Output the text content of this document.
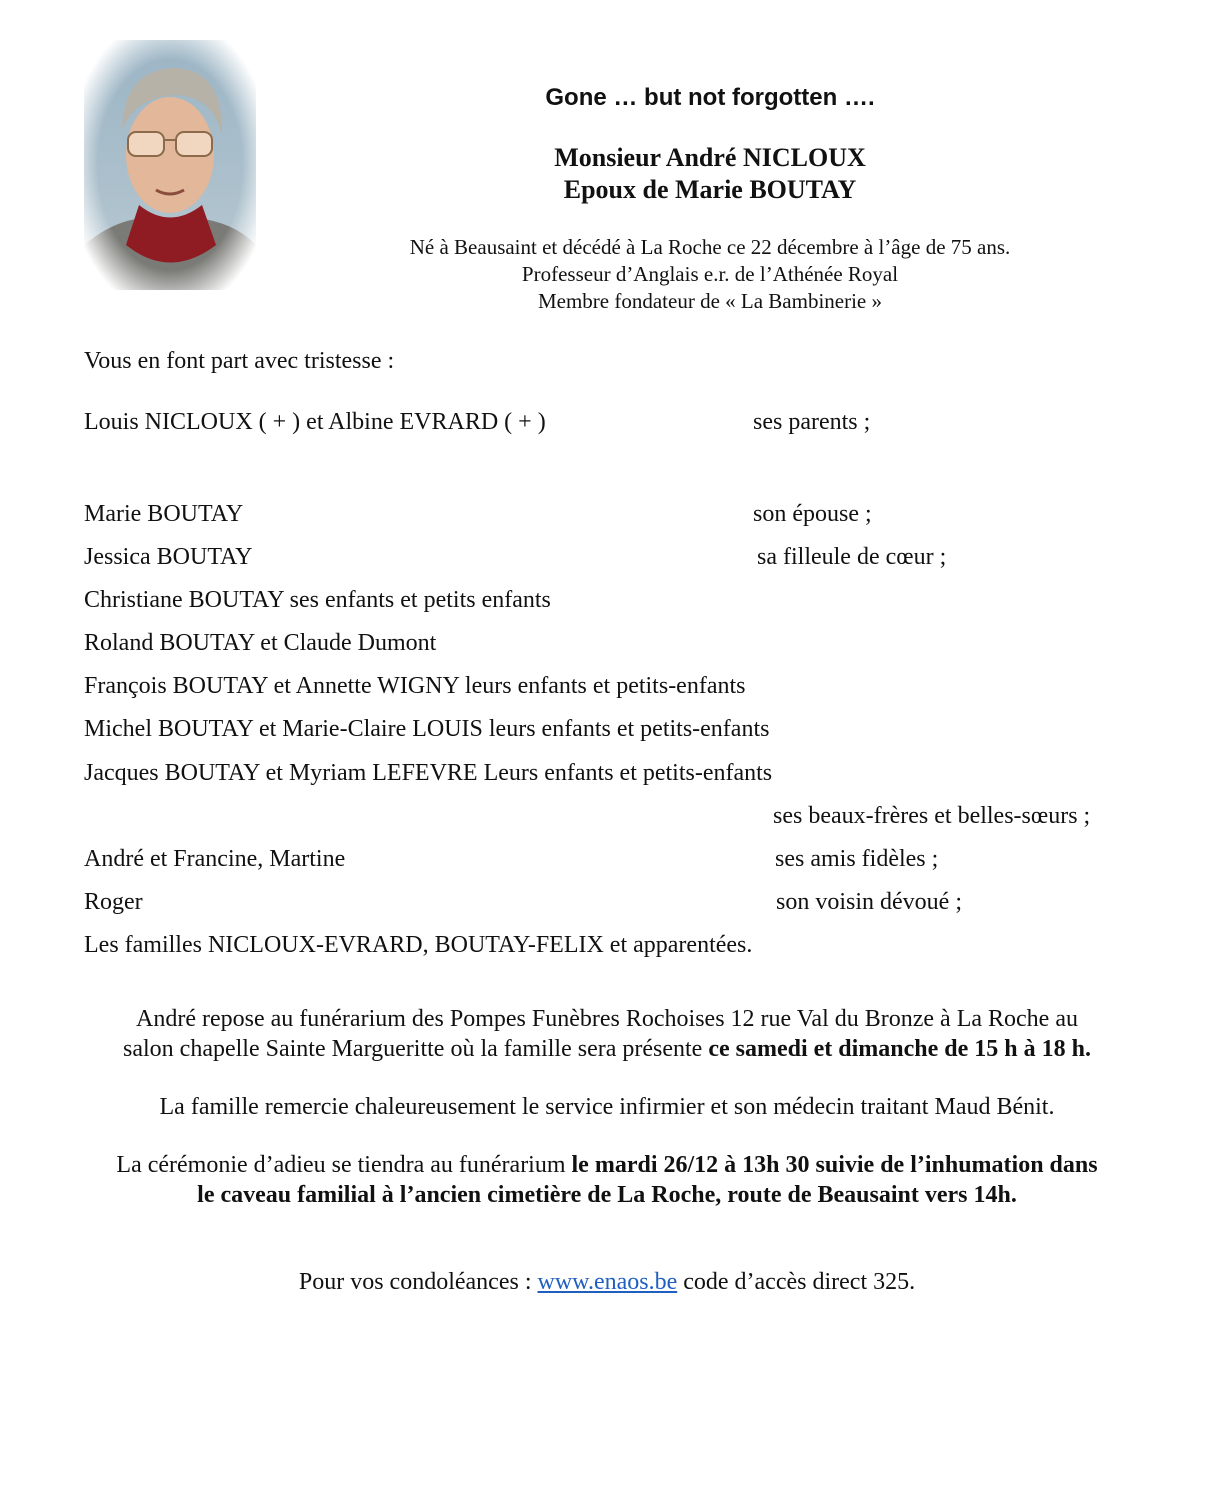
Gone … but not forgotten ….
Monsieur André NICLOUX
Epoux de Marie BOUTAY
Né à Beausaint et décédé à La Roche ce 22 décembre à l’âge de 75 ans.
Professeur d’Anglais e.r. de l’Athénée Royal
Membre fondateur de « La Bambinerie »
Vous en font part avec tristesse :
Louis NICLOUX ( + ) et Albine EVRARD ( + )	ses parents ;
Marie BOUTAY	son épouse ;
Jessica BOUTAY	sa filleule de cœur ;
Christiane BOUTAY ses enfants et petits enfants
Roland BOUTAY et Claude Dumont
François BOUTAY et Annette WIGNY leurs enfants et petits-enfants
Michel BOUTAY et Marie-Claire LOUIS leurs enfants et petits-enfants
Jacques BOUTAY et Myriam LEFEVRE Leurs enfants et petits-enfants
ses beaux-frères et belles-sœurs ;
André et Francine, Martine	ses amis fidèles ;
Roger	son voisin dévoué ;
Les familles NICLOUX-EVRARD, BOUTAY-FELIX et apparentées.
André repose au funérarium des Pompes Funèbres Rochoises 12 rue Val du Bronze à La Roche au
salon chapelle Sainte Margueritte où la famille sera présente ce samedi et dimanche de 15 h à 18 h.
La famille remercie chaleureusement le service infirmier et son médecin traitant Maud Bénit.
La cérémonie d’adieu se tiendra au funérarium le mardi 26/12 à 13h 30 suivie de l’inhumation dans
le caveau familial à l’ancien cimetière de La Roche, route de Beausaint vers 14h.
Pour vos condoléances : www.enaos.be code d’accès direct 325.
